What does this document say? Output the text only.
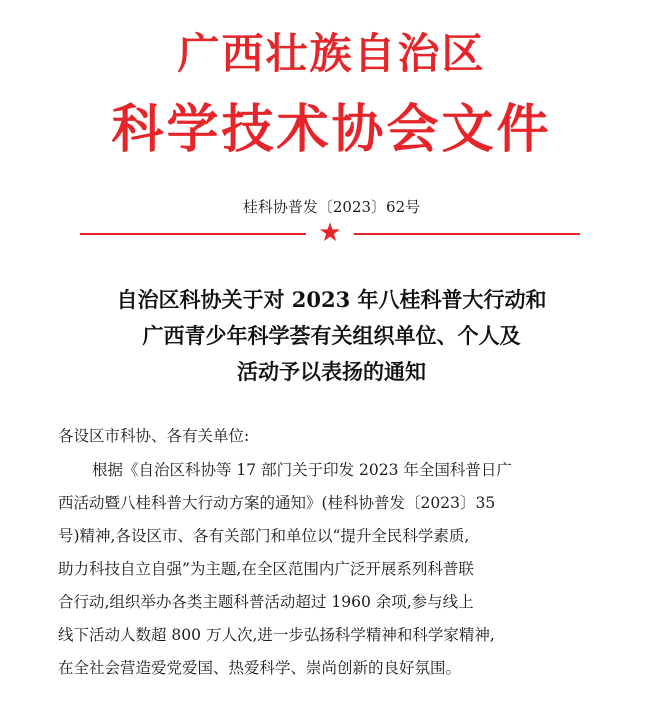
广西壮族自治区
科学技术协会文件
桂科协普发〔2023〕62号
★
自治区科协关于对 2023 年八桂科普大行动和
广西青少年科学荟有关组织单位、个人及
活动予以表扬的通知
各设区市科协、各有关单位:
根据《自治区科协等 17 部门关于印发 2023 年全国科普日广
西活动暨八桂科普大行动方案的通知》(桂科协普发〔2023〕35
号)精神,各设区市、各有关部门和单位以“提升全民科学素质,
助力科技自立自强”为主题,在全区范围内广泛开展系列科普联
合行动,组织举办各类主题科普活动超过 1960 余项,参与线上
线下活动人数超 800 万人次,进一步弘扬科学精神和科学家精神,
在全社会营造爱党爱国、热爱科学、崇尚创新的良好氛围。
